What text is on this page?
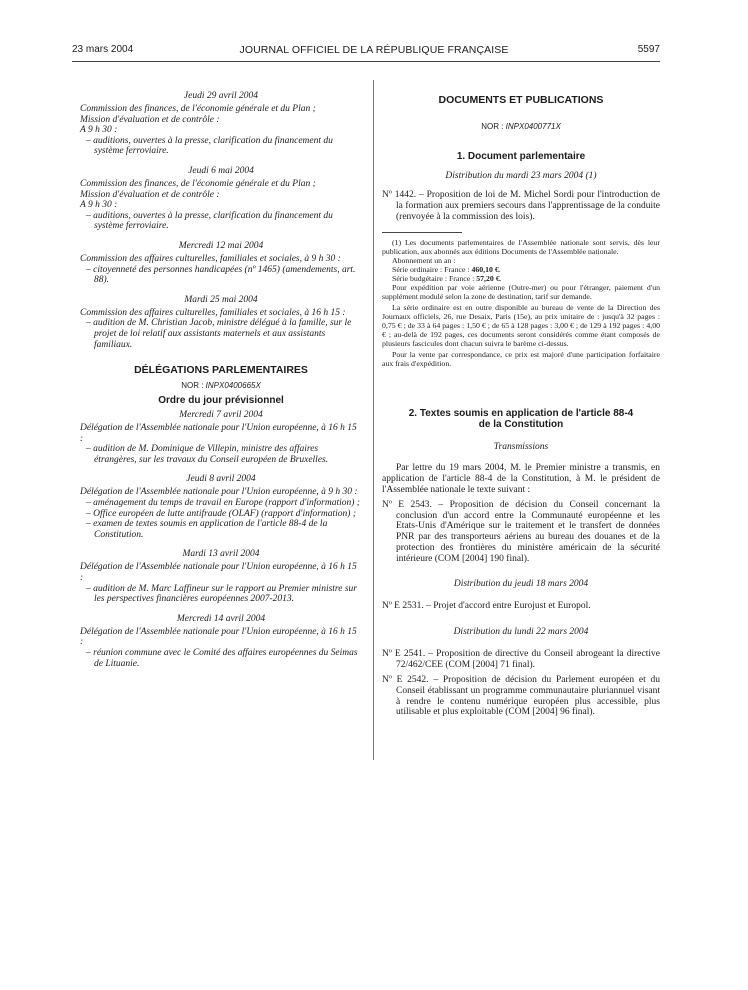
23 mars 2004	JOURNAL OFFICIEL DE LA RÉPUBLIQUE FRANÇAISE	5597
Jeudi 29 avril 2004
Commission des finances, de l'économie générale et du Plan ;
Mission d'évaluation et de contrôle :
A 9 h 30 :
– auditions, ouvertes à la presse, clarification du financement du système ferroviaire.
Jeudi 6 mai 2004
Commission des finances, de l'économie générale et du Plan ;
Mission d'évaluation et de contrôle :
A 9 h 30 :
– auditions, ouvertes à la presse, clarification du financement du système ferroviaire.
Mercredi 12 mai 2004
Commission des affaires culturelles, familiales et sociales, à 9 h 30 :
– citoyenneté des personnes handicapées (nº 1465) (amendements, art. 88).
Mardi 25 mai 2004
Commission des affaires culturelles, familiales et sociales, à 16 h 15 :
– audition de M. Christian Jacob, ministre délégué à la famille, sur le projet de loi relatif aux assistants maternels et aux assistants familiaux.
DÉLÉGATIONS PARLEMENTAIRES
NOR : INPX0400665X
Ordre du jour prévisionnel
Mercredi 7 avril 2004
Délégation de l'Assemblée nationale pour l'Union européenne, à 16 h 15 :
– audition de M. Dominique de Villepin, ministre des affaires étrangères, sur les travaux du Conseil européen de Bruxelles.
Jeudi 8 avril 2004
Délégation de l'Assemblée nationale pour l'Union européenne, à 9 h 30 :
– aménagement du temps de travail en Europe (rapport d'information) ;
– Office européen de lutte antifraude (OLAF) (rapport d'information) ;
– examen de textes soumis en application de l'article 88-4 de la Constitution.
Mardi 13 avril 2004
Délégation de l'Assemblée nationale pour l'Union européenne, à 16 h 15 :
– audition de M. Marc Laffineur sur le rapport au Premier ministre sur les perspectives financières européennes 2007-2013.
Mercredi 14 avril 2004
Délégation de l'Assemblée nationale pour l'Union européenne, à 16 h 15 :
– réunion commune avec le Comité des affaires européennes du Seimas de Lituanie.
DOCUMENTS ET PUBLICATIONS
NOR : INPX0400771X
1. Document parlementaire
Distribution du mardi 23 mars 2004 (1)
Nº 1442. – Proposition de loi de M. Michel Sordi pour l'introduction de la formation aux premiers secours dans l'apprentissage de la conduite (renvoyée à la commission des lois).
(1) Les documents parlementaires de l'Assemblée nationale sont servis, dès leur publication, aux abonnés aux éditions Documents de l'Assemblée nationale.
Abonnement un an :
Série ordinaire : France : 460,10 €.
Série budgétaire : France : 57,20 €.
Pour expédition par voie aérienne (Outre-mer) ou pour l'étranger, paiement d'un supplément modulé selon la zone de destination, tarif sur demande.
La série ordinaire est en outre disponible au bureau de vente de la Direction des Journaux officiels, 26, rue Desaix, Paris (15e), au prix unitaire de : jusqu'à 32 pages : 0,75 € ; de 33 à 64 pages : 1,50 € ; de 65 à 128 pages : 3,00 € ; de 129 à 192 pages : 4,00 € ; au-delà de 192 pages, ces documents seront considérés comme étant composés de plusieurs fascicules dont chacun suivra le barème ci-dessus.
Pour la vente par correspondance, ce prix est majoré d'une participation forfaitaire aux frais d'expédition.
2. Textes soumis en application de l'article 88-4
de la Constitution
Transmissions
Par lettre du 19 mars 2004, M. le Premier ministre a transmis, en application de l'article 88-4 de la Constitution, à M. le président de l'Assemblée nationale le texte suivant :
Nº E 2543. – Proposition de décision du Conseil concernant la conclusion d'un accord entre la Communauté européenne et les Etats-Unis d'Amérique sur le traitement et le transfert de données PNR par des transporteurs aériens au bureau des douanes et de la protection des frontières du ministère américain de la sécurité intérieure (COM [2004] 190 final).
Distribution du jeudi 18 mars 2004
Nº E 2531. – Projet d'accord entre Eurojust et Europol.
Distribution du lundi 22 mars 2004
Nº E 2541. – Proposition de directive du Conseil abrogeant la directive 72/462/CEE (COM [2004] 71 final).
Nº E 2542. – Proposition de décision du Parlement européen et du Conseil établissant un programme communautaire pluriannuel visant à rendre le contenu numérique européen plus accessible, plus utilisable et plus exploitable (COM [2004] 96 final).
